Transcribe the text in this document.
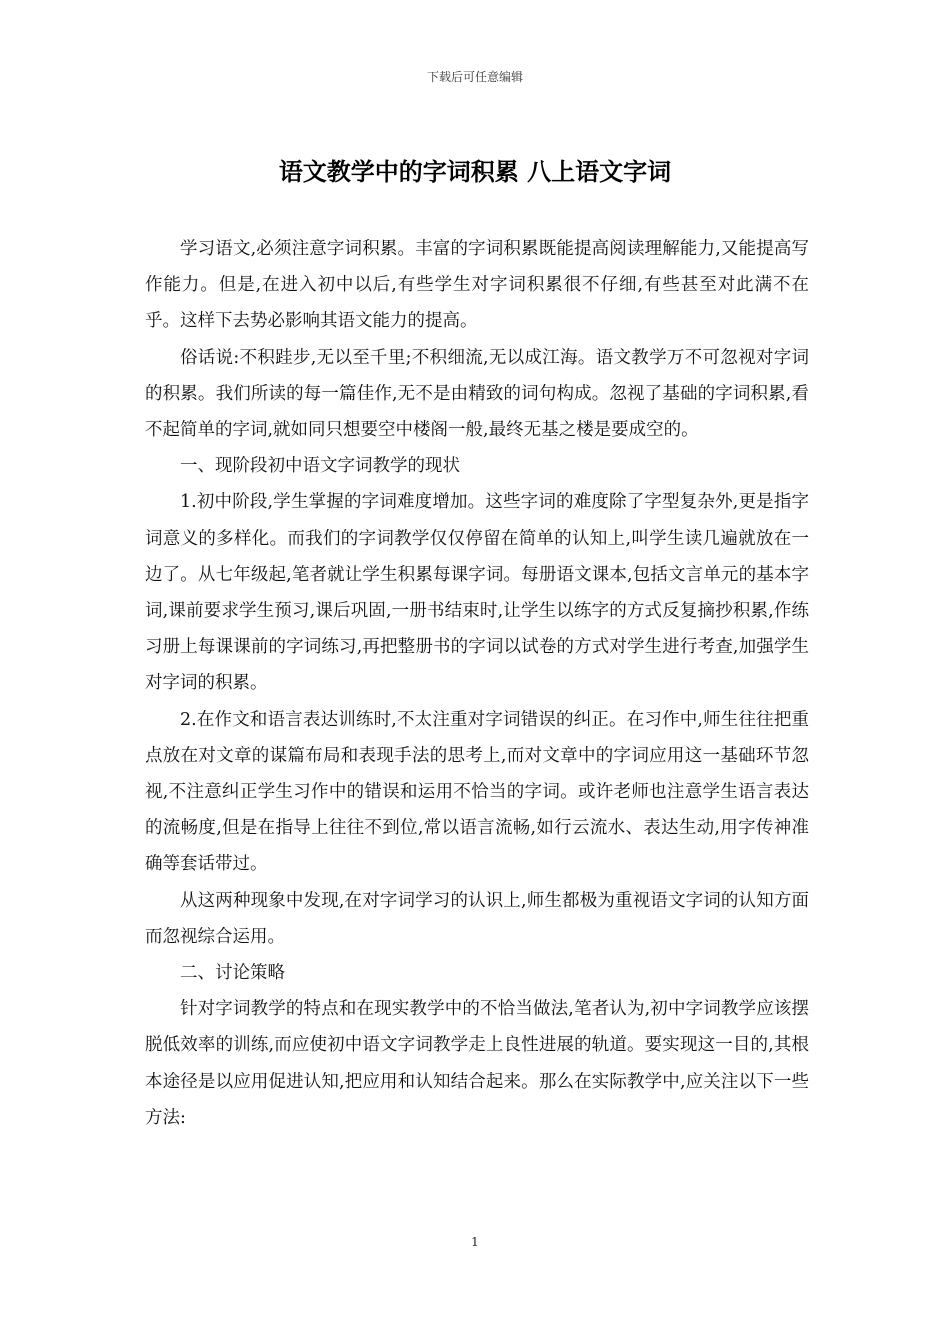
下载后可任意编辑
语文教学中的字词积累 八上语文字词

学习语文,必须注意字词积累。丰富的字词积累既能提高阅读理解能力,又能提高写作能力。但是,在进入初中以后,有些学生对字词积累很不仔细,有些甚至对此满不在乎。这样下去势必影响其语文能力的提高。

俗话说:不积跬步,无以至千里;不积细流,无以成江海。语文教学万不可忽视对字词的积累。我们所读的每一篇佳作,无不是由精致的词句构成。忽视了基础的字词积累,看不起简单的字词,就如同只想要空中楼阁一般,最终无基之楼是要成空的。

一、现阶段初中语文字词教学的现状

1.初中阶段,学生掌握的字词难度增加。这些字词的难度除了字型复杂外,更是指字词意义的多样化。而我们的字词教学仅仅停留在简单的认知上,叫学生读几遍就放在一边了。从七年级起,笔者就让学生积累每课字词。每册语文课本,包括文言单元的基本字词,课前要求学生预习,课后巩固,一册书结束时,让学生以练字的方式反复摘抄积累,作练习册上每课课前的字词练习,再把整册书的字词以试卷的方式对学生进行考查,加强学生对字词的积累。

2.在作文和语言表达训练时,不太注重对字词错误的纠正。在习作中,师生往往把重点放在对文章的谋篇布局和表现手法的思考上,而对文章中的字词应用这一基础环节忽视,不注意纠正学生习作中的错误和运用不恰当的字词。或许老师也注意学生语言表达的流畅度,但是在指导上往往不到位,常以语言流畅,如行云流水、表达生动,用字传神准确等套话带过。

从这两种现象中发现,在对字词学习的认识上,师生都极为重视语文字词的认知方面而忽视综合运用。

二、讨论策略

针对字词教学的特点和在现实教学中的不恰当做法,笔者认为,初中字词教学应该摆脱低效率的训练,而应使初中语文字词教学走上良性进展的轨道。要实现这一目的,其根本途径是以应用促进认知,把应用和认知结合起来。那么在实际教学中,应关注以下一些方法:

1
